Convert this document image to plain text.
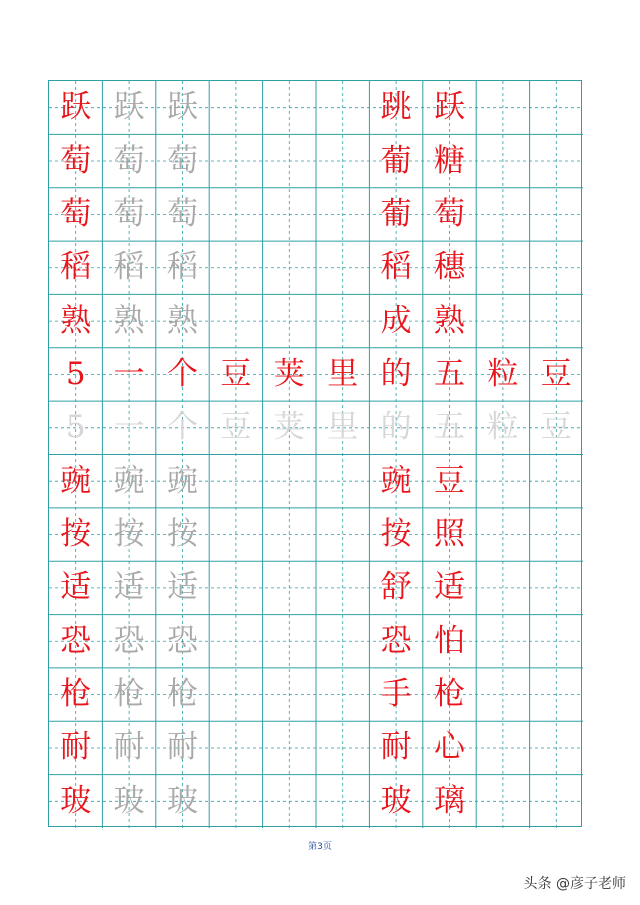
跃 跃 跃	跳 跃
萄 萄 萄	葡 糖
萄 萄 萄	葡 萄
稻 稻 稻	稻 穗
熟 熟 熟	成 熟
5 一 个 豆 荚 里 的 五 粒 豆
5 一 个 豆 荚 里 的 五 粒 豆
豌 豌 豌	豌 豆
按 按 按	按 照
适 适 适	舒 适
恐 恐 恐	恐 怕
枪 枪 枪	手 枪
耐 耐 耐	耐 心
玻 玻 玻	玻 璃
第3页
头条 @彦子老师
